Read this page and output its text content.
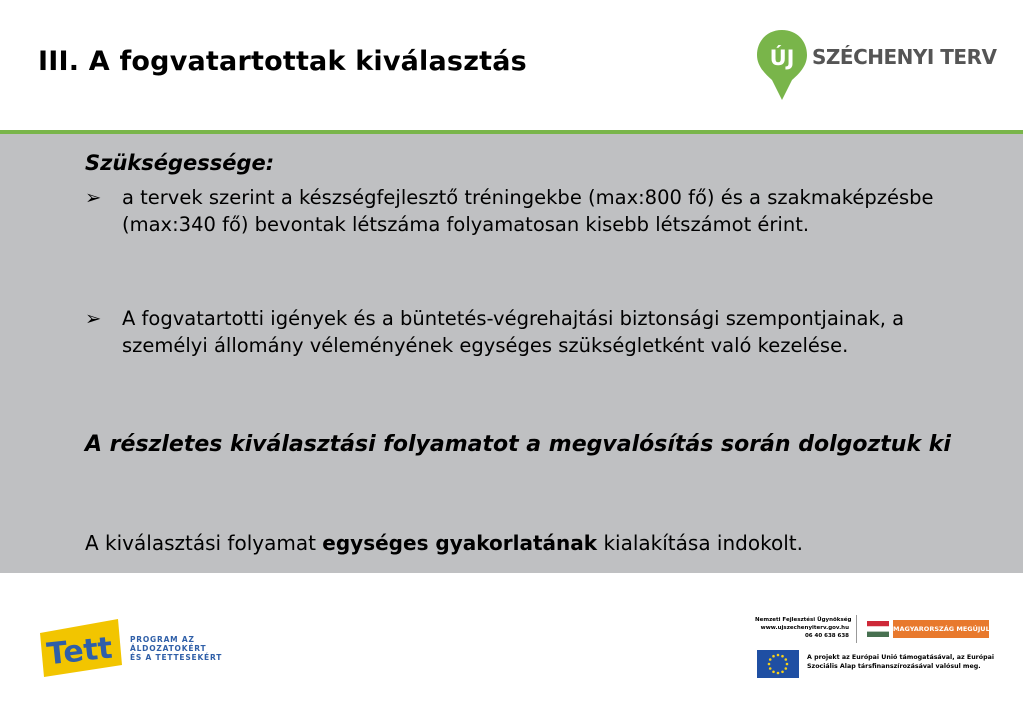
III. A fogvatartottak kiválasztás	ÚJ SZÉCHENYI TERV

Szükségessége:

➢ a tervek szerint a készségfejlesztő tréningekbe (max:800 fő) és a szakmaképzésbe (max:340 fő) bevontak létszáma folyamatosan kisebb létszámot érint.
➢ A fogvatartotti igények és a büntetés-végrehajtási biztonsági szempontjainak, a személyi állomány véleményének egységes szükségletként való kezelése.

A részletes kiválasztási folyamatot a megvalósítás során dolgoztuk ki

A kiválasztási folyamat egységes gyakorlatának kialakítása indokolt.
Tett PROGRAM AZ
ÁLDOZATOKÉRT
ÉS A TETTESEKÉRT
Nemzeti Fejlesztési Ügynökség
www.ujszechenyiterv.gov.hu
06 40 638 638
MAGYARORSZÁG MEGÚJUL
A projekt az Európai Unió támogatásával, az Európai
Szociális Alap társfinanszírozásával valósul meg.
